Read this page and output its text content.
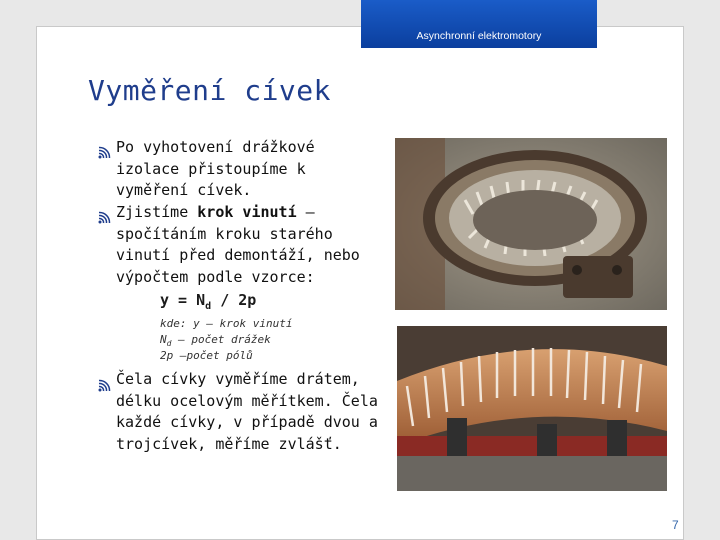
Asynchronní elektromotory
Vyměření cívek
Po vyhotovení drážkové izolace přistoupíme k vyměření cívek.
Zjistíme krok vinutí – spočítáním kroku starého vinutí před demontáží, nebo výpočtem podle vzorce:
$y = N_d / 2p$
kde: y – krok vinutí
$N_d$ – počet drážek
2p –počet pólů
Čela cívky vyměříme drátem, délku ocelovým měřítkem. Čela každé cívky, v případě dvou a trojcívek, měříme zvlášť.
7
